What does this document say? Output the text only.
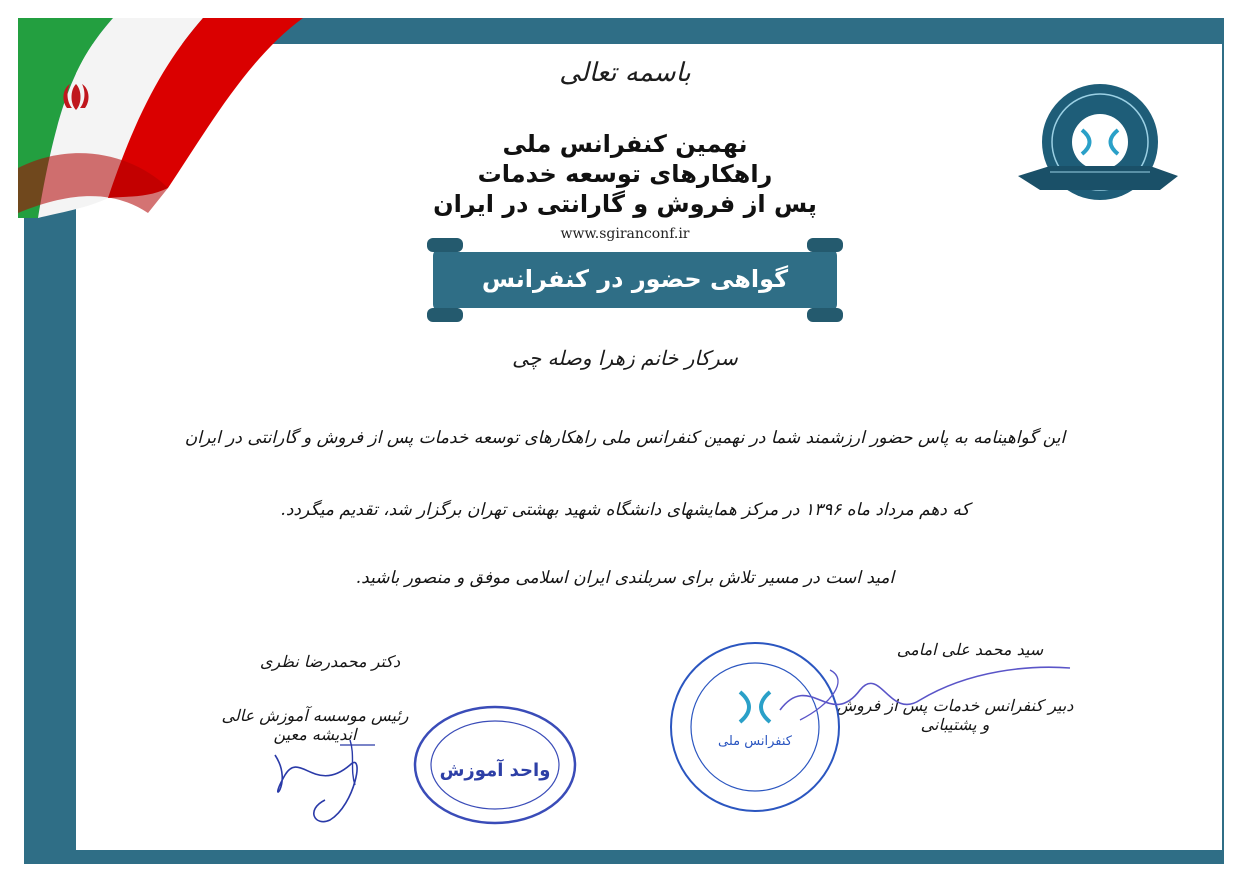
باسمه تعالی
نهمین کنفرانس ملی
راهکارهای توسعه خدمات
پس از فروش و گارانتی در ایران
www.sgiranconf.ir
گواهی حضور در کنفرانس
سرکار خانم زهرا وصله چی
این گواهینامه به پاس حضور ارزشمند شما در نهمین کنفرانس ملی راهکارهای توسعه خدمات پس از فروش و گارانتی در ایران
که دهم مرداد ماه ۱۳۹۶ در مرکز همایشهای دانشگاه شهید بهشتی تهران برگزار شد، تقدیم میگردد.
امید است در مسیر تلاش برای سربلندی ایران اسلامی موفق و منصور باشید.
دکتر محمدرضا نظری
رئیس موسسه آموزش عالی اندیشه معین
واحد آموزش
سید محمد علی امامی
دبیر کنفرانس خدمات پس از فروش و پشتیبانی
کنفرانس ملی
